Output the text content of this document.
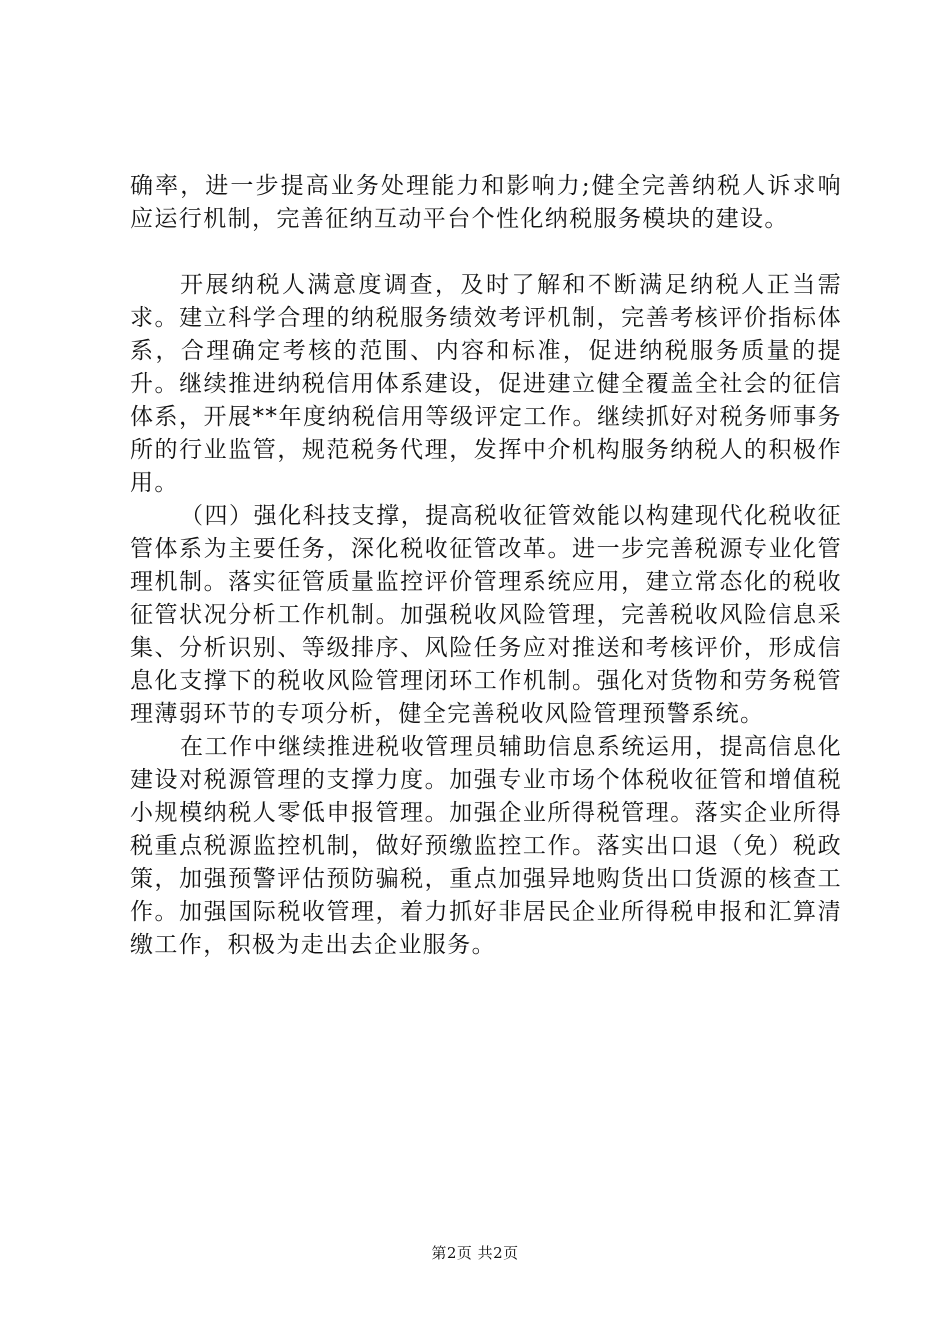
确率，进一步提高业务处理能力和影响力;健全完善纳税人诉求响应运行机制，完善征纳互动平台个性化纳税服务模块的建设。

开展纳税人满意度调查，及时了解和不断满足纳税人正当需求。建立科学合理的纳税服务绩效考评机制，完善考核评价指标体系，合理确定考核的范围、内容和标准，促进纳税服务质量的提升。继续推进纳税信用体系建设，促进建立健全覆盖全社会的征信体系，开展**年度纳税信用等级评定工作。继续抓好对税务师事务所的行业监管，规范税务代理，发挥中介机构服务纳税人的积极作用。

（四）强化科技支撑，提高税收征管效能以构建现代化税收征管体系为主要任务，深化税收征管改革。进一步完善税源专业化管理机制。落实征管质量监控评价管理系统应用，建立常态化的税收征管状况分析工作机制。加强税收风险管理，完善税收风险信息采集、分析识别、等级排序、风险任务应对推送和考核评价，形成信息化支撑下的税收风险管理闭环工作机制。强化对货物和劳务税管理薄弱环节的专项分析，健全完善税收风险管理预警系统。

在工作中继续推进税收管理员辅助信息系统运用，提高信息化建设对税源管理的支撑力度。加强专业市场个体税收征管和增值税小规模纳税人零低申报管理。加强企业所得税管理。落实企业所得税重点税源监控机制，做好预缴监控工作。落实出口退（免）税政策，加强预警评估预防骗税，重点加强异地购货出口货源的核查工作。加强国际税收管理，着力抓好非居民企业所得税申报和汇算清缴工作，积极为走出去企业服务。

第2页 共2页
